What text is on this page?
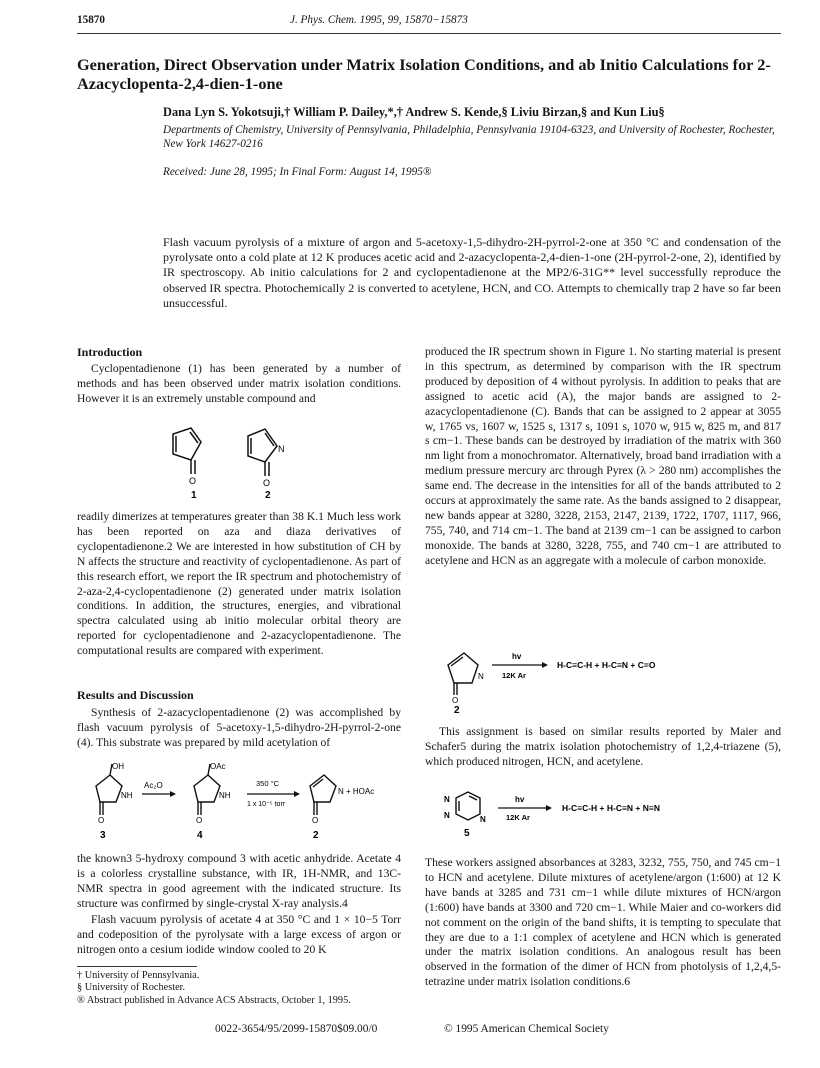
15870	J. Phys. Chem. 1995, 99, 15870−15873
Generation, Direct Observation under Matrix Isolation Conditions, and ab Initio Calculations for 2-Azacyclopenta-2,4-dien-1-one
Dana Lyn S. Yokotsuji,† William P. Dailey,*,† Andrew S. Kende,§ Liviu Birzan,§ and Kun Liu§
Departments of Chemistry, University of Pennsylvania, Philadelphia, Pennsylvania 19104-6323, and University of Rochester, Rochester, New York 14627-0216
Received: June 28, 1995; In Final Form: August 14, 1995®
Flash vacuum pyrolysis of a mixture of argon and 5-acetoxy-1,5-dihydro-2H-pyrrol-2-one at 350 °C and condensation of the pyrolysate onto a cold plate at 12 K produces acetic acid and 2-azacyclopenta-2,4-dien-1-one (2H-pyrrol-2-one, 2), identified by IR spectroscopy. Ab initio calculations for 2 and cyclopentadienone at the MP2/6-31G** level successfully reproduce the observed IR spectra. Photochemically 2 is converted to acetylene, HCN, and CO. Attempts to chemically trap 2 have so far been unsuccessful.
Introduction

Cyclopentadienone (1) has been generated by a number of methods and has been observed under matrix isolation conditions. However it is an extremely unstable compound and

O
N
O
1	2

readily dimerizes at temperatures greater than 38 K.1 Much less work has been reported on aza and diaza derivatives of cyclopentadienone.2 We are interested in how substitution of CH by N affects the structure and reactivity of cyclopentadienone. As part of this research effort, we report the IR spectrum and photochemistry of 2-aza-2,4-cyclopentadienone (2) generated under matrix isolation conditions. In addition, the structures, energies, and vibrational spectra calculated using ab initio molecular orbital theory are reported for cyclopentadienone and 2-azacyclopentadienone. The computational results are compared with experiment.

Results and Discussion

Synthesis of 2-azacyclopentadienone (2) was accomplished by flash vacuum pyrolysis of 5-acetoxy-1,5-dihydro-2H-pyrrol-2-one (4). This substrate was prepared by mild acetylation of

OH
NH
O
3
Ac₂O
OAc
NH
O
4
350 °C
1 x 10⁻⁵ torr
N
O
+ HOAc
2

the known3 5-hydroxy compound 3 with acetic anhydride. Acetate 4 is a colorless crystalline substance, with IR, 1H-NMR, and 13C-NMR spectra in good agreement with the indicated structure. Its structure was confirmed by single-crystal X-ray analysis.4

Flash vacuum pyrolysis of acetate 4 at 350 °C and 1 × 10−5 Torr and codeposition of the pyrolysate with a large excess of argon or nitrogen onto a cesium iodide window cooled to 20 K

† University of Pennsylvania.
§ University of Rochester.
® Abstract published in Advance ACS Abstracts, October 1, 1995.

produced the IR spectrum shown in Figure 1. No starting material is present in this spectrum, as determined by comparison with the IR spectrum produced by deposition of 4 without pyrolysis. In addition to peaks that are assigned to acetic acid (A), the major bands are assigned to 2-azacyclopentadienone (C). Bands that can be assigned to 2 appear at 3055 w, 1765 vs, 1607 w, 1525 s, 1317 s, 1091 s, 1070 w, 915 w, 825 m, and 817 s cm−1. These bands can be destroyed by irradiation of the matrix with 360 nm light from a monochromator. Alternatively, broad band irradiation with a medium pressure mercury arc through Pyrex (λ > 280 nm) accomplishes the same end. The decrease in the intensities for all of the bands attributed to 2 occurs at approximately the same rate. As the bands assigned to 2 disappear, new bands appear at 3280, 3228, 2153, 2147, 2139, 1722, 1707, 1117, 966, 755, 740, and 714 cm−1. The band at 2139 cm−1 can be assigned to carbon monoxide. The bands at 3280, 3228, 755, and 740 cm−1 are attributed to acetylene and HCN as an aggregate with a molecule of carbon monoxide.

N
O
2
hv
12K Ar
H-C≡C-H + H-C≡N + C=O

This assignment is based on similar results reported by Maier and Schafer5 during the matrix isolation photochemistry of 1,2,4-triazene (5), which produced nitrogen, HCN, and acetylene.

N
N	N
5
hv
12K Ar
H-C≡C-H + H-C≡N + N≡N

These workers assigned absorbances at 3283, 3232, 755, 750, and 745 cm−1 to HCN and acetylene. Dilute mixtures of acetylene/argon (1:600) at 12 K have bands at 3285 and 731 cm−1 while dilute mixtures of HCN/argon (1:600) have bands at 3300 and 720 cm−1. While Maier and co-workers did not comment on the origin of the band shifts, it is tempting to speculate that they are due to a 1:1 complex of acetylene and HCN which is generated under the matrix isolation conditions. An analogous result has been observed in the formation of the dimer of HCN from photolysis of 1,2,4,5-tetrazine under matrix isolation conditions.6

0022-3654/95/2099-15870$09.00/0	© 1995 American Chemical Society
